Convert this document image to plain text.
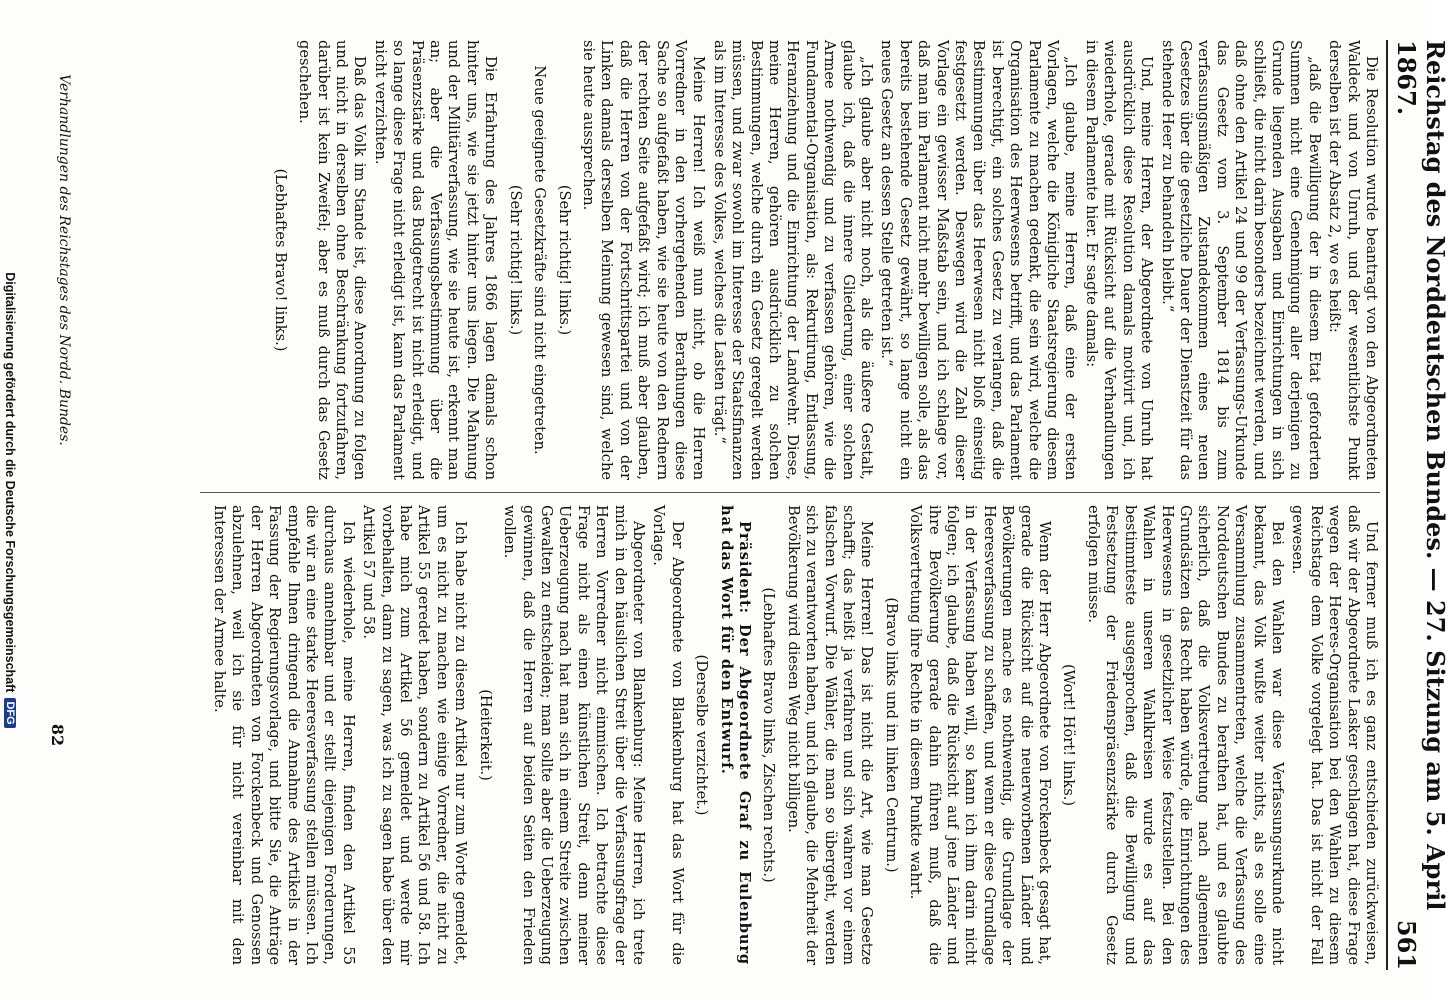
Reichstag des Norddeutschen Bundes. — 27. Sitzung am 5. April 1867.
561

Die Resolution wurde beantragt von den Abgeordneten Waldeck und von Unruh, und der wesentlichste Punkt derselben ist der Absatz 2, wo es heißt:

„daß die Bewilligung der in diesem Etat geforderten Summen nicht eine Genehmigung aller derjenigen zu Grunde liegenden Ausgaben und Einrichtungen in sich schließt, die nicht darin besonders bezeichnet werden, und daß ohne den Artikel 24 und 99 der Verfassungs-Urkunde das Gesetz vom 3. September 1814 bis zum verfassungsmäßigen Zustandekommen eines neuen Gesetzes über die gesetzliche Dauer der Dienstzeit für das stehende Heer zu behandeln bleibt.“

Und, meine Herren, der Abgeordnete von Unruh hat ausdrücklich diese Resolution damals motivirt und, ich wiederhole, gerade mit Rücksicht auf die Verhandlungen in diesem Parlamente hier. Er sagte damals:

„Ich glaube, meine Herren, daß eine der ersten Vorlagen, welche die Königliche Staatsregierung diesem Parlamente zu machen gedenkt, die sein wird, welche die Organisation des Heerwesens betrifft, und das Parlament ist berechtigt, ein solches Gesetz zu verlangen, daß die Bestimmungen über das Heerwesen nicht bloß einseitig festgesetzt werden. Deswegen wird die Zahl dieser Vorlage ein gewisser Maßstab sein, und ich schlage vor, daß man im Parlament nicht mehr bewilligen solle, als das bereits bestehende Gesetz gewährt, so lange nicht ein neues Gesetz an dessen Stelle getreten ist.“

„Ich glaube aber nicht noch, als die äußere Gestalt, glaube ich, daß die innere Gliederung, einer solchen Armee nothwendig und zu verfassen gehören, wie die Fundamental-Organisation, als: Rekrutirung, Entlassung, Heranziehung und die Einrichtung der Landwehr. Diese, meine Herren, gehören ausdrücklich zu solchen Bestimmungen, welche durch ein Gesetz geregelt werden müssen, und zwar sowohl im Interesse der Staatsfinanzen als im Interesse des Volkes, welches die Lasten trägt.“

Meine Herren! Ich weiß nun nicht, ob die Herren Vorredner in den vorhergehenden Berathungen diese Sache so aufgefaßt haben, wie sie heute von den Rednern der rechten Seite aufgefaßt wird; ich muß aber glauben, daß die Herren von der Fortschrittspartei und von der Linken damals derselben Meinung gewesen sind, welche sie heute aussprechen.

(Sehr richtig! links.)

Neue geeignete Gesetzkräfte sind nicht eingetreten.

(Sehr richtig! links.)

Die Erfahrung des Jahres 1866 lagen damals schon hinter uns, wie sie jetzt hinter uns liegen. Die Mahnung und der Militärverfassung, wie sie heute ist, erkennt man an; aber die Verfassungsbestimmung über die Präsenzstärke und das Budgetrecht ist nicht erledigt, und so lange diese Frage nicht erledigt ist, kann das Parlament nicht verzichten.

Daß das Volk im Stande ist, diese Anordnung zu folgen und nicht in derselben ohne Beschränkung fortzufahren, darüber ist kein Zweifel; aber es muß durch das Gesetz geschehen.

(Lebhaftes Bravo! links.)

Verhandlungen des Reichstages des Nordd. Bundes.

Und ferner muß ich es ganz entschieden zurückweisen, daß wir der Abgeordnete Lasker geschlagen hat, diese Frage wegen der Heeres-Organisation bei den Wahlen zu diesem Reichstage dem Volke vorgelegt hat. Das ist nicht der Fall gewesen.

Bei den Wahlen war diese Verfassungsurkunde nicht bekannt, das Volk wußte weiter nichts, als es solle eine Versammlung zusammentreten, welche die Verfassung des Norddeutschen Bundes zu berathen hat, und es glaubte sicherlich, daß die Volksvertretung nach allgemeinen Grundsätzen das Recht haben würde, die Einrichtungen des Heerwesens in gesetzlicher Weise festzustellen. Bei den Wahlen in unseren Wahlkreisen wurde es auf das bestimmteste ausgesprochen, daß die Bewilligung und Festsetzung der Friedenspräsenzstärke durch Gesetz erfolgen müsse.

(Wort! Hört! links.)

Wenn der Herr Abgeordnete von Forckenbeck gesagt hat, gerade die Rücksicht auf die neuerworbenen Länder und Bevölkerungen mache es nothwendig, die Grundlage der Heeresverfassung zu schaffen, und wenn er diese Grundlage in der Verfassung haben will, so kann ich ihm darin nicht folgen; ich glaube, daß die Rücksicht auf jene Länder und ihre Bevölkerung gerade dahin führen muß, daß die Volksvertretung ihre Rechte in diesem Punkte wahrt.

(Bravo links und im linken Centrum.)

Meine Herren! Das ist nicht die Art, wie man Gesetze schafft; das heißt ja verfahren und sich wahren vor einem falschen Vorwurf. Die Wähler, die man so übergeht, werden sich zu verantworten haben, und ich glaube, die Mehrheit der Bevölkerung wird diesen Weg nicht billigen.

(Lebhaftes Bravo links, Zischen rechts.)

Präsident: Der Abgeordnete Graf zu Eulenburg hat das Wort für den Entwurf.

(Derselbe verzichtet.)

Der Abgeordnete von Blankenburg hat das Wort für die Vorlage.

Abgeordneter von Blankenburg: Meine Herren, ich trete mich in den häuslichen Streit über die Verfassungsfrage der Herren Vorredner nicht einmischen. Ich betrachte diese Frage nicht als einen künstlichen Streit, denn meiner Ueberzeugung nach hat man sich in einem Streite zwischen Gewalten zu entscheiden; man sollte aber die Ueberzeugung gewinnen, daß die Herren auf beiden Seiten den Frieden wollen.

(Heiterkeit.)

Ich habe nicht zu diesem Artikel nur zum Worte gemeldet, um es nicht zu machen wie einige Vorredner, die nicht zu Artikel 55 geredet haben, sondern zu Artikel 56 und 58. Ich habe mich zum Artikel 56 gemeldet und werde mir vorbehalten, dann zu sagen, was ich zu sagen habe über den Artikel 57 und 58.

Ich wiederhole, meine Herren, finden den Artikel 55 durchaus annehmbar und er stellt diejenigen Forderungen, die wir an eine starke Heeresverfassung stellen müssen. Ich empfehle Ihnen dringend die Annahme des Artikels in der Fassung der Regierungsvorlage, und bitte Sie, die Anträge der Herren Abgeordneten von Forckenbeck und Genossen abzulehnen, weil ich sie für nicht vereinbar mit den Interessen der Armee halte.

82
Digitalisierung gefördert durch die Deutsche Forschungsgemeinschaft
DFG
